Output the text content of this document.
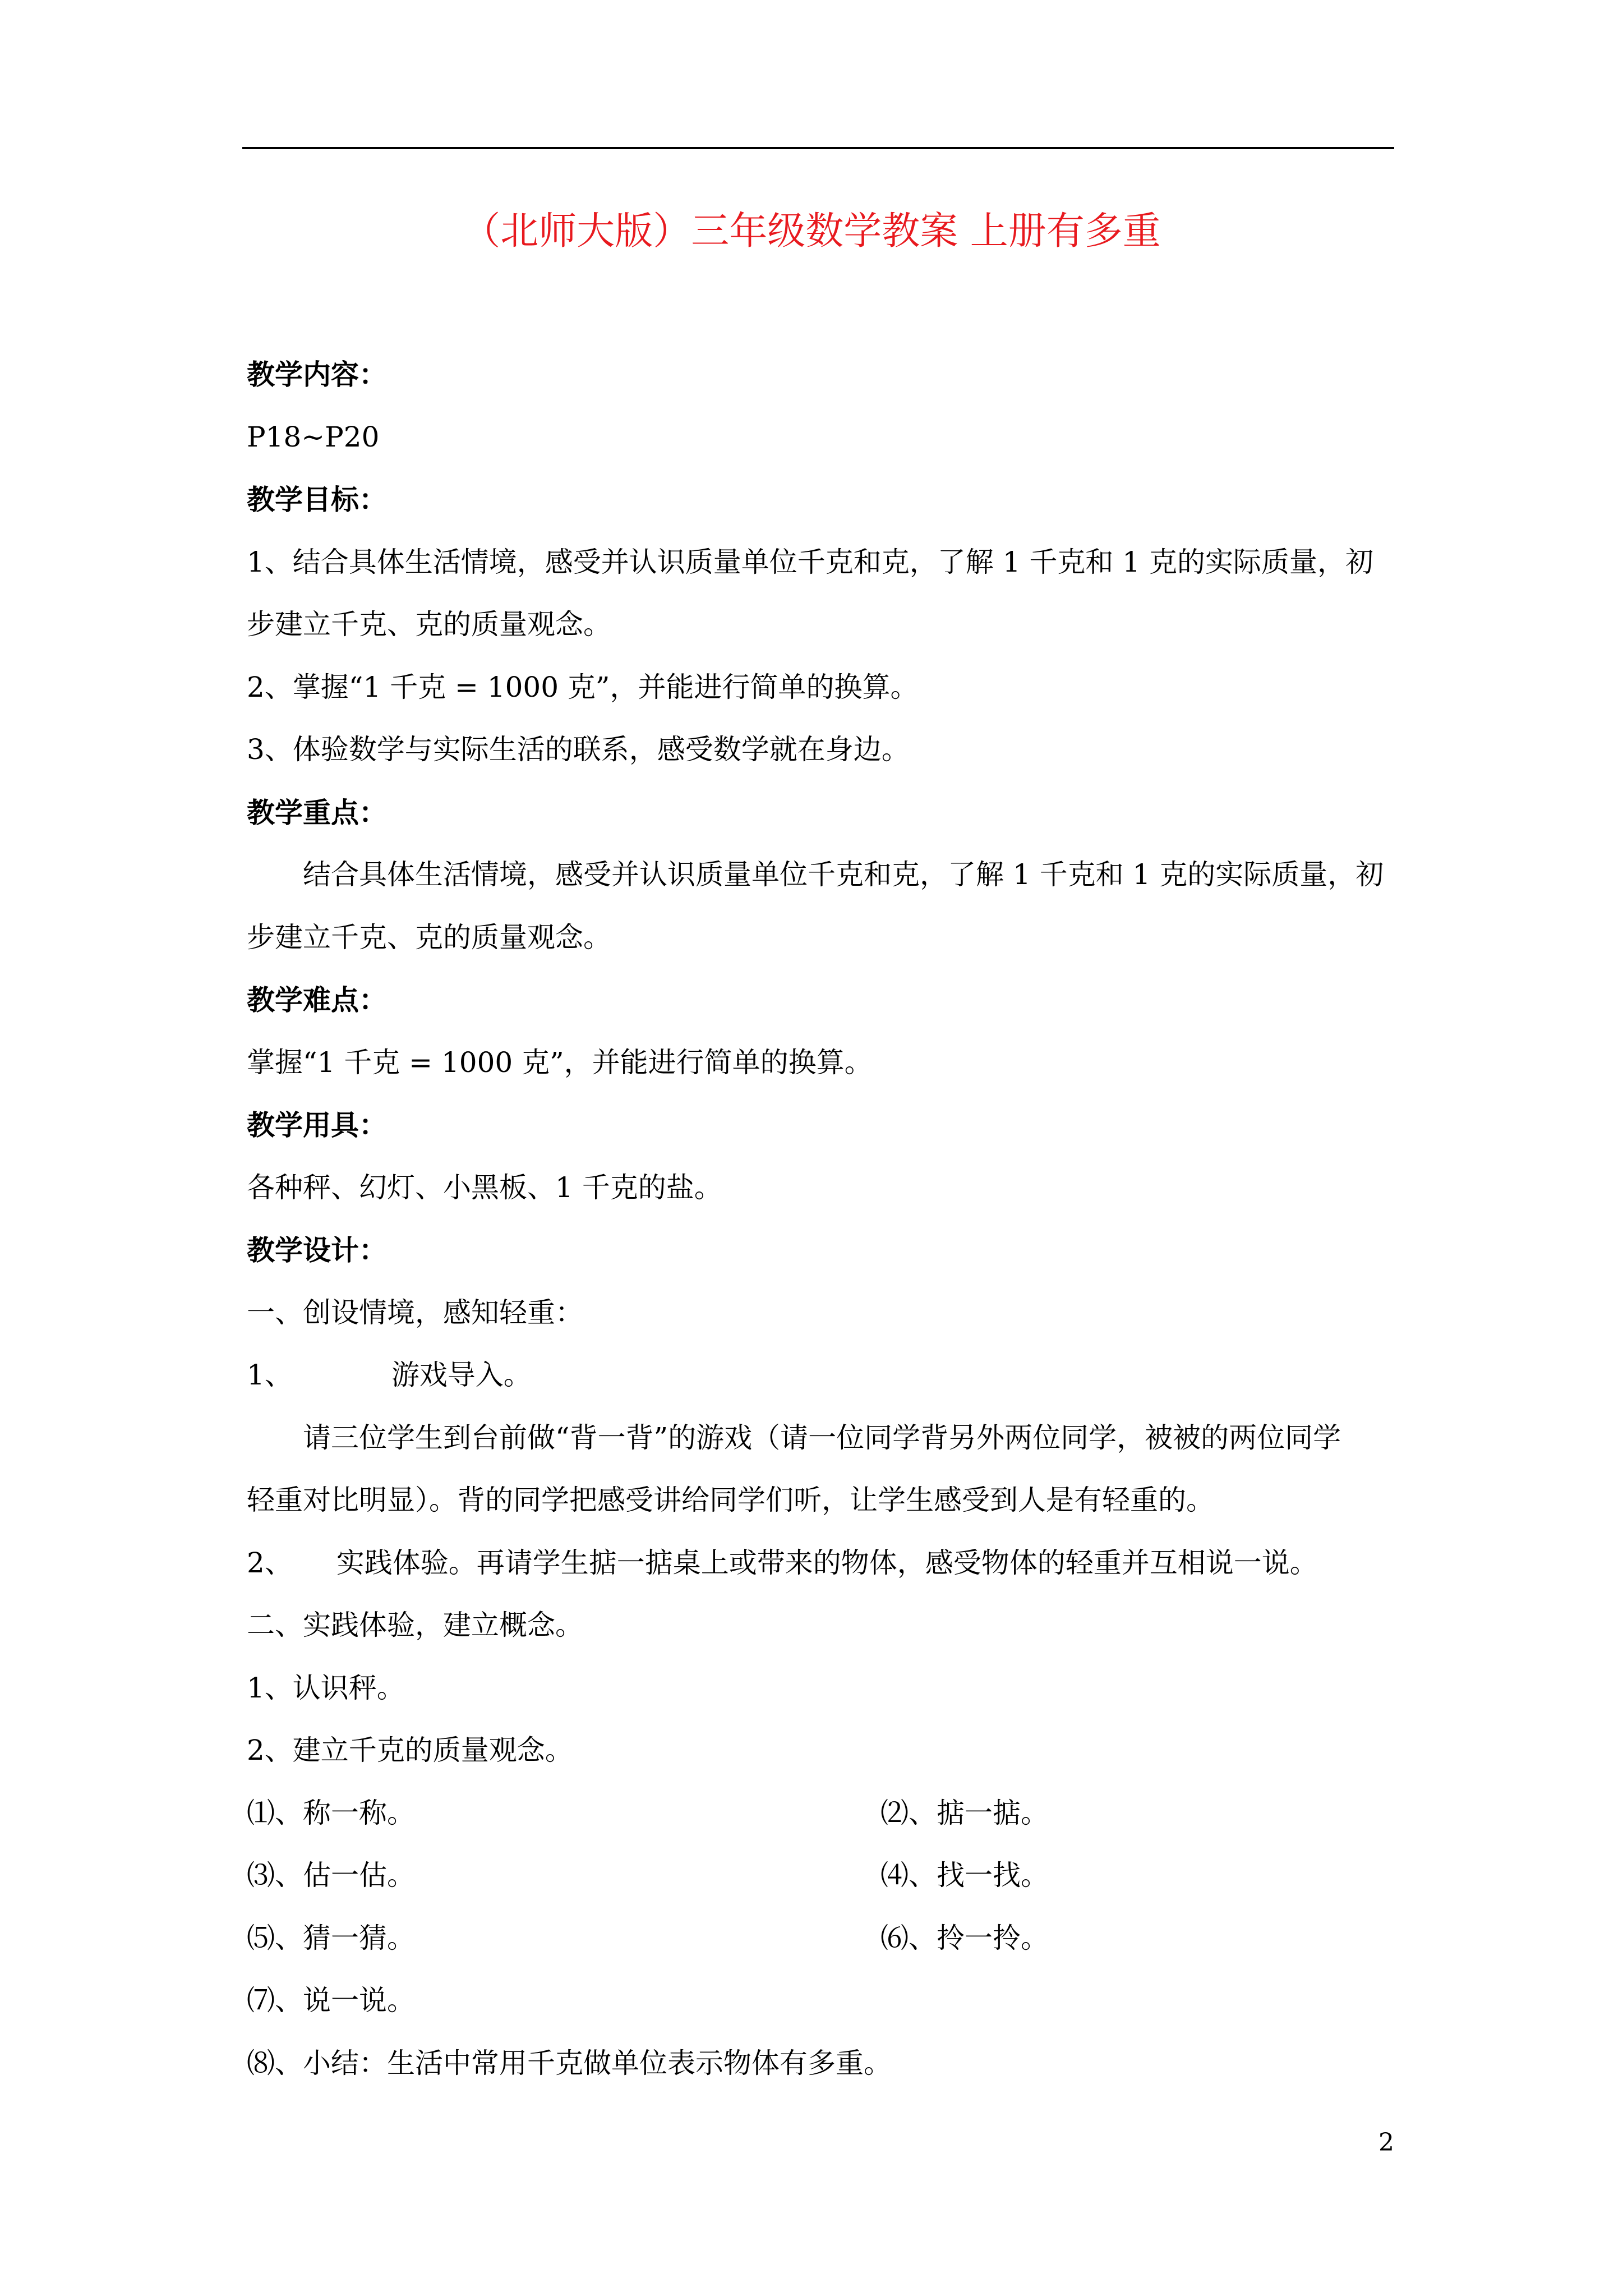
（北师大版）三年级数学教案 上册有多重
教学内容：
P18~P20
教学目标：
1、结合具体生活情境，感受并认识质量单位千克和克，了解 1 千克和 1 克的实际质量，初
步建立千克、克的质量观念。
2、掌握“1 千克 = 1000 克”，并能进行简单的换算。
3、体验数学与实际生活的联系，感受数学就在身边。
教学重点：
结合具体生活情境，感受并认识质量单位千克和克，了解 1 千克和 1 克的实际质量，初
步建立千克、克的质量观念。
教学难点：
掌握“1 千克 = 1000 克”，并能进行简单的换算。
教学用具：
各种秤、幻灯、小黑板、1 千克的盐。
教学设计：
一、创设情境，感知轻重：
1、	游戏导入。
请三位学生到台前做“背一背”的游戏（请一位同学背另外两位同学，被被的两位同学
轻重对比明显）。背的同学把感受讲给同学们听，让学生感受到人是有轻重的。
2、 实践体验。再请学生掂一掂桌上或带来的物体，感受物体的轻重并互相说一说。
二、实践体验，建立概念。
1、认识秤。
2、建立千克的质量观念。
⑴、称一称。	⑵、掂一掂。
⑶、估一估。	⑷、找一找。
⑸、猜一猜。	⑹、拎一拎。
⑺、说一说。
⑻、小结：生活中常用千克做单位表示物体有多重。
2
